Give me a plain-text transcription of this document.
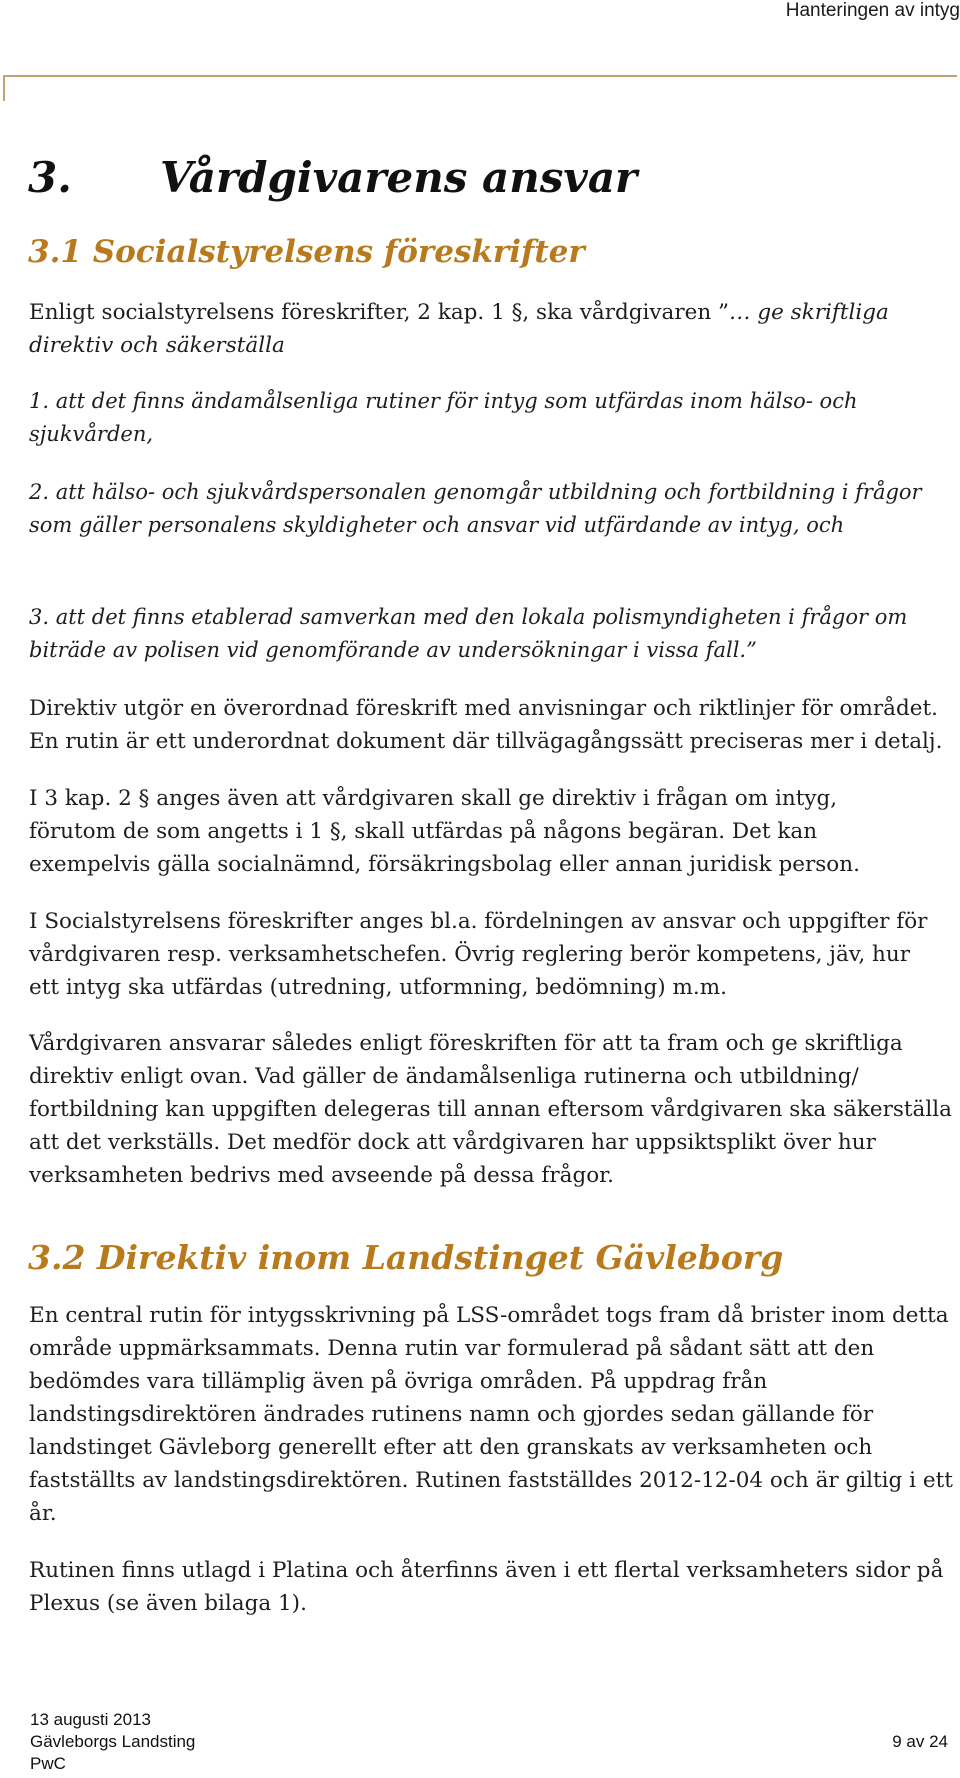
Hanteringen av intyg
3. Vårdgivarens ansvar
3.1 Socialstyrelsens föreskrifter

Enligt socialstyrelsens föreskrifter, 2 kap. 1 §, ska vårdgivaren ”… ge skriftliga direktiv och säkerställa

1. att det finns ändamålsenliga rutiner för intyg som utfärdas inom hälso- och sjukvården,

2. att hälso- och sjukvårdspersonalen genomgår utbildning och fortbildning i frågor som gäller personalens skyldigheter och ansvar vid utfärdande av intyg, och

3. att det finns etablerad samverkan med den lokala polismyndigheten i frågor om biträde av polisen vid genomförande av undersökningar i vissa fall.”

Direktiv utgör en överordnad föreskrift med anvisningar och riktlinjer för området. En rutin är ett underordnat dokument där tillvägagångssätt preciseras mer i detalj.

I 3 kap. 2 § anges även att vårdgivaren skall ge direktiv i frågan om intyg, förutom de som angetts i 1 §, skall utfärdas på någons begäran. Det kan exempelvis gälla socialnämnd, försäkringsbolag eller annan juridisk person.

I Socialstyrelsens föreskrifter anges bl.a. fördelningen av ansvar och uppgifter för vårdgivaren resp. verksamhetschefen. Övrig reglering berör kompetens, jäv, hur ett intyg ska utfärdas (utredning, utformning, bedömning) m.m.

Vårdgivaren ansvarar således enligt föreskriften för att ta fram och ge skriftliga direktiv enligt ovan. Vad gäller de ändamålsenliga rutinerna och utbildning/ fortbildning kan uppgiften delegeras till annan eftersom vårdgivaren ska säkerställa att det verkställs. Det medför dock att vårdgivaren har uppsiktsplikt över hur verksamheten bedrivs med avseende på dessa frågor.

3.2 Direktiv inom Landstinget Gävleborg

En central rutin för intygsskrivning på LSS-området togs fram då brister inom detta område uppmärksammats. Denna rutin var formulerad på sådant sätt att den bedömdes vara tillämplig även på övriga områden. På uppdrag från landstingsdirektören ändrades rutinens namn och gjordes sedan gällande för landstinget Gävleborg generellt efter att den granskats av verksamheten och fastställts av landstingsdirektören. Rutinen fastställdes 2012-12-04 och är giltig i ett år.

Rutinen finns utlagd i Platina och återfinns även i ett flertal verksamheters sidor på Plexus (se även bilaga 1).

13 augusti 2013
Gävleborgs Landsting
PwC
9 av 24
